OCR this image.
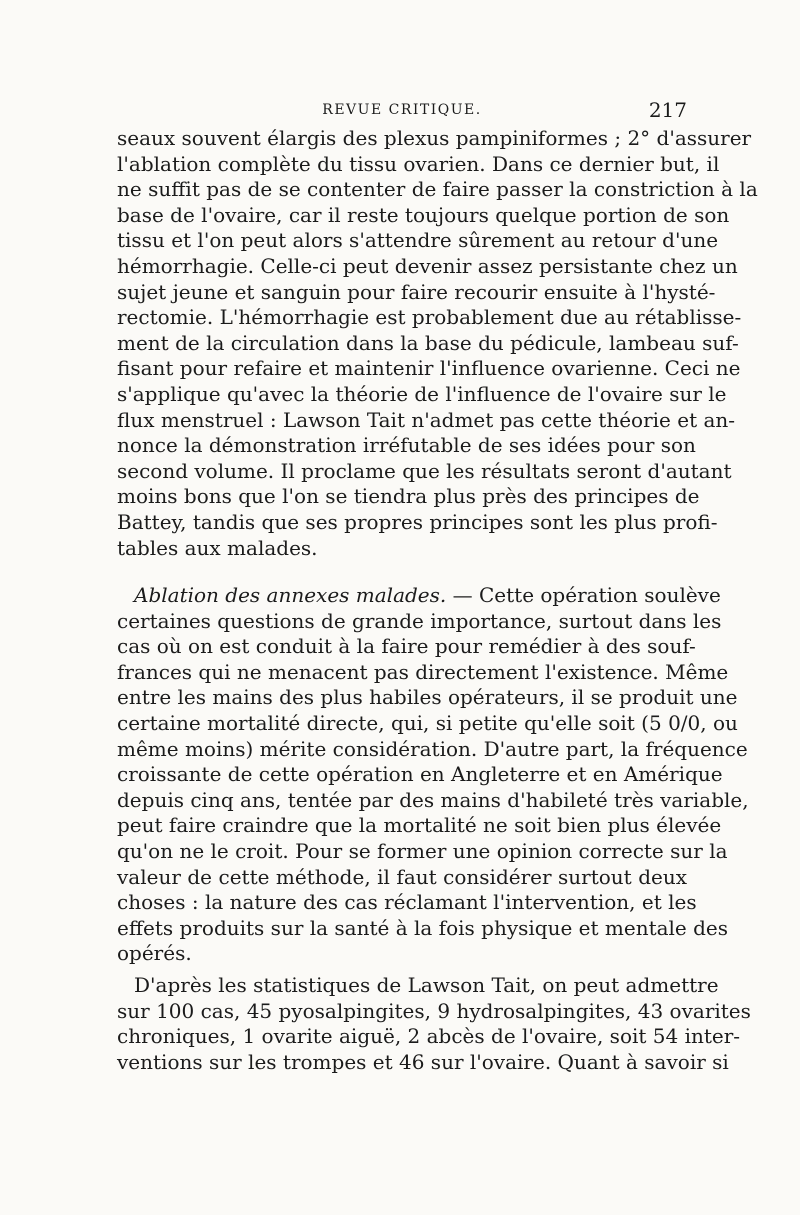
REVUE CRITIQUE.	217
seaux souvent élargis des plexus pampiniformes ; 2° d'assurer
l'ablation complète du tissu ovarien. Dans ce dernier but, il
ne suffit pas de se contenter de faire passer la constriction à la
base de l'ovaire, car il reste toujours quelque portion de son
tissu et l'on peut alors s'attendre sûrement au retour d'une
hémorrhagie. Celle-ci peut devenir assez persistante chez un
sujet jeune et sanguin pour faire recourir ensuite à l'hysté-
rectomie. L'hémorrhagie est probablement due au rétablisse-
ment de la circulation dans la base du pédicule, lambeau suf-
fisant pour refaire et maintenir l'influence ovarienne. Ceci ne
s'applique qu'avec la théorie de l'influence de l'ovaire sur le
flux menstruel : Lawson Tait n'admet pas cette théorie et an-
nonce la démonstration irréfutable de ses idées pour son
second volume. Il proclame que les résultats seront d'autant
moins bons que l'on se tiendra plus près des principes de
Battey, tandis que ses propres principes sont les plus profi-
tables aux malades.
Ablation des annexes malades. — Cette opération soulève
certaines questions de grande importance, surtout dans les
cas où on est conduit à la faire pour remédier à des souf-
frances qui ne menacent pas directement l'existence. Même
entre les mains des plus habiles opérateurs, il se produit une
certaine mortalité directe, qui, si petite qu'elle soit (5 0/0, ou
même moins) mérite considération. D'autre part, la fréquence
croissante de cette opération en Angleterre et en Amérique
depuis cinq ans, tentée par des mains d'habileté très variable,
peut faire craindre que la mortalité ne soit bien plus élevée
qu'on ne le croit. Pour se former une opinion correcte sur la
valeur de cette méthode, il faut considérer surtout deux
choses : la nature des cas réclamant l'intervention, et les
effets produits sur la santé à la fois physique et mentale des
opérés.
D'après les statistiques de Lawson Tait, on peut admettre
sur 100 cas, 45 pyosalpingites, 9 hydrosalpingites, 43 ovarites
chroniques, 1 ovarite aiguë, 2 abcès de l'ovaire, soit 54 inter-
ventions sur les trompes et 46 sur l'ovaire. Quant à savoir si
